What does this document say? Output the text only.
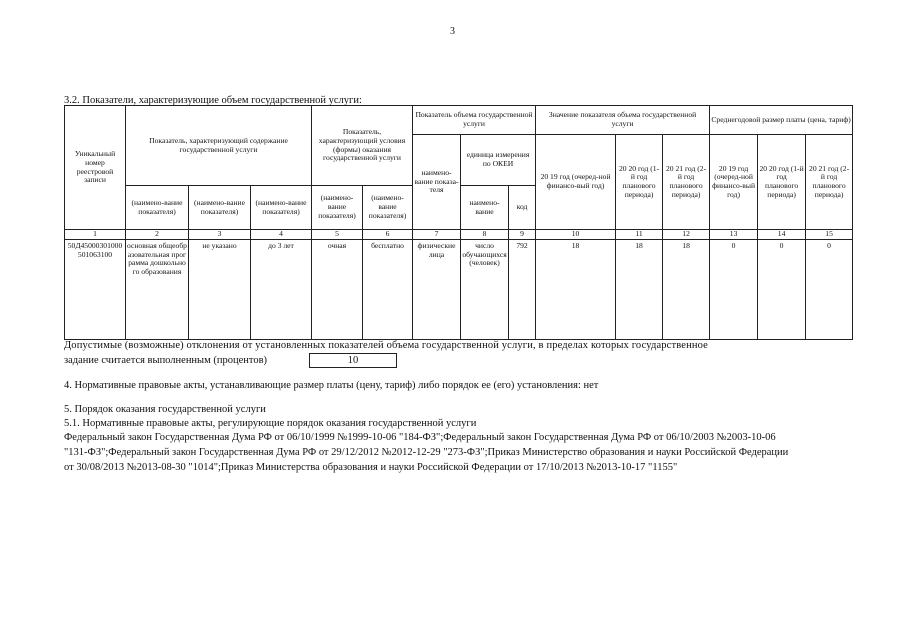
3
3.2. Показатели, характеризующие объем государственной услуги:
Уникальный номер реестровой записи	Показатель, характеризующий содержание государственной услуги			Показатель, характеризующий условия (формы) оказания государственной услуги		Показатель объема государственной услуги			Значение показателя объема государственной услуги			Среднегодовой размер платы (цена, тариф)		
						наимено-вание показа-теля	единица измерения по ОКЕИ		20 19 год (очеред-ной финансо-вый год)	20 20 год (1-й год планового периода)	20 21 год (2-й год планового периода)	20 19 год (очеред-ной финансо-вый год)	20 20 год (1-й год планового периода)	20 21 год (2-й год планового периода)
	(наимено-вание показателя)	(наимено-вание показателя)	(наимено-вание показателя)	(наимено-вание показателя)	(наимено-вание показателя)		наимено-вание	код						
1	2	3	4	5	6	7	8	9	10	11	12	13	14	15
50Д45000301000501063100	основная общеобразовательная программа дошкольного образования	не указано	до 3 лет	очная	бесплатно	физические лица	число обучающихся (человек)	792	18	18	18	0	0	0
Допустимые (возможные) отклонения от установленных показателей объема государственной услуги, в пределах которых государственное
задание считается выполненным (процентов)	10
4. Нормативные правовые акты, устанавливающие размер платы (цену, тариф) либо порядок ее (его) установления: нет
5. Порядок оказания государственной услуги
5.1. Нормативные правовые акты, регулирующие порядок оказания государственной услуги
Федеральный закон Государственная Дума РФ от 06/10/1999 №1999-10-06 "184-ФЗ";Федеральный закон Государственная Дума РФ от 06/10/2003 №2003-10-06
"131-ФЗ";Федеральный закон Государственная Дума РФ от 29/12/2012 №2012-12-29 "273-ФЗ";Приказ Министерство образования и науки Российской Федерации
от 30/08/2013 №2013-08-30 "1014";Приказ Министерства образования и науки Российской Федерации от 17/10/2013 №2013-10-17 "1155"
